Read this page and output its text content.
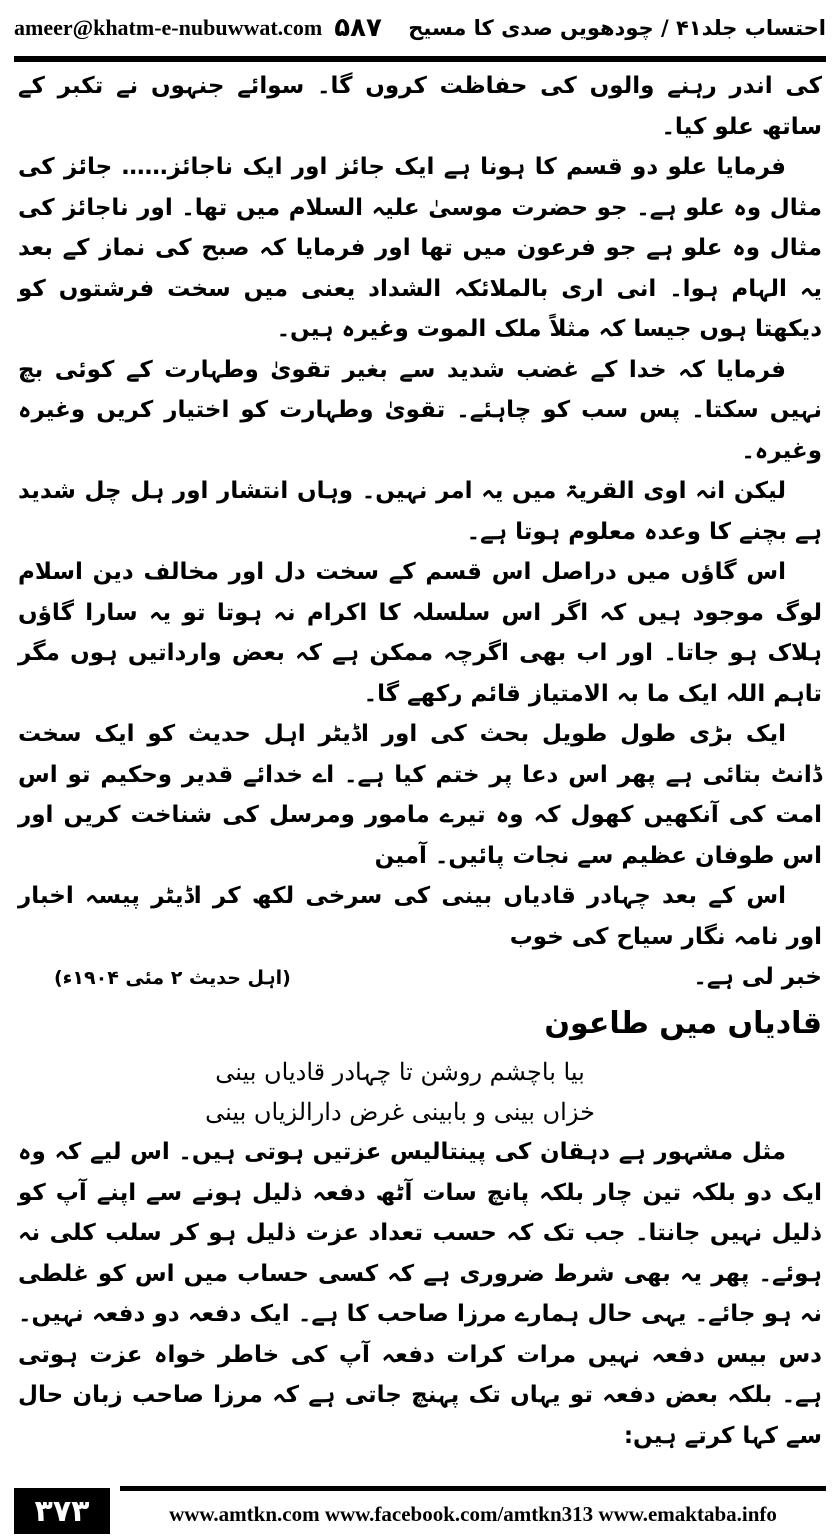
ameer@khatm-e-nubuwwat.com ۵۸۷ احتساب جلد۴۱ / چودھویں صدی کا مسیح

کی اندر رہنے والوں کی حفاظت کروں گا۔ سوائے جنہوں نے تکبر کے ساتھ علو کیا۔

فرمایا علو دو قسم کا ہونا ہے ایک جائز اور ایک ناجائز…… جائز کی مثال وہ علو ہے۔ جو حضرت موسیٰ علیہ السلام میں تھا۔ اور ناجائز کی مثال وہ علو ہے جو فرعون میں تھا اور فرمایا کہ صبح کی نماز کے بعد یہ الہام ہوا۔ انی اری بالملائکہ الشداد یعنی میں سخت فرشتوں کو دیکھتا ہوں جیسا کہ مثلاً ملک الموت وغیرہ ہیں۔

فرمایا کہ خدا کے غضب شدید سے بغیر تقویٰ وطہارت کے کوئی بچ نہیں سکتا۔ پس سب کو چاہئے۔ تقویٰ وطہارت کو اختیار کریں وغیرہ وغیرہ۔

لیکن انہ اوی القریۃ میں یہ امر نہیں۔ وہاں انتشار اور ہل چل شدید ہے بچنے کا وعدہ معلوم ہوتا ہے۔

اس گاؤں میں دراصل اس قسم کے سخت دل اور مخالف دین اسلام لوگ موجود ہیں کہ اگر اس سلسلہ کا اکرام نہ ہوتا تو یہ سارا گاؤں ہلاک ہو جاتا۔ اور اب بھی اگرچہ ممکن ہے کہ بعض وارداتیں ہوں مگر تاہم اللہ ایک ما بہ الامتیاز قائم رکھے گا۔

ایک بڑی طول طویل بحث کی اور اڈیٹر اہل حدیث کو ایک سخت ڈانٹ بتائی ہے پھر اس دعا پر ختم کیا ہے۔ اے خدائے قدیر وحکیم تو اس امت کی آنکھیں کھول کہ وہ تیرے مامور ومرسل کی شناخت کریں اور اس طوفان عظیم سے نجات پائیں۔ آمین

اس کے بعد چہادر قادیاں بینی کی سرخی لکھ کر اڈیٹر پیسہ اخبار اور نامہ نگار سیاح کی خوب

خبر لی ہے۔
(اہل حدیث ۲ مئی ۱۹۰۴ء)
قادیاں میں طاعون
بیا باچشم روشن تا چہادر قادیاں بینی
خزاں بینی و بابینی غرض دارالزیاں بینی

مثل مشہور ہے دہقان کی پینتالیس عزتیں ہوتی ہیں۔ اس لیے کہ وہ ایک دو بلکہ تین چار بلکہ پانچ سات آٹھ دفعہ ذلیل ہونے سے اپنے آپ کو ذلیل نہیں جانتا۔ جب تک کہ حسب تعداد عزت ذلیل ہو کر سلب کلی نہ ہوئے۔ پھر یہ بھی شرط ضروری ہے کہ کسی حساب میں اس کو غلطی نہ ہو جائے۔ یہی حال ہمارے مرزا صاحب کا ہے۔ ایک دفعہ دو دفعہ نہیں۔ دس بیس دفعہ نہیں مرات کرات دفعہ آپ کی خاطر خواہ عزت ہوتی ہے۔ بلکہ بعض دفعہ تو یہاں تک پہنچ جاتی ہے کہ مرزا صاحب زبان حال سے کہا کرتے ہیں:

۳۷۳	www.amtkn.com www.facebook.com/amtkn313 www.emaktaba.info
